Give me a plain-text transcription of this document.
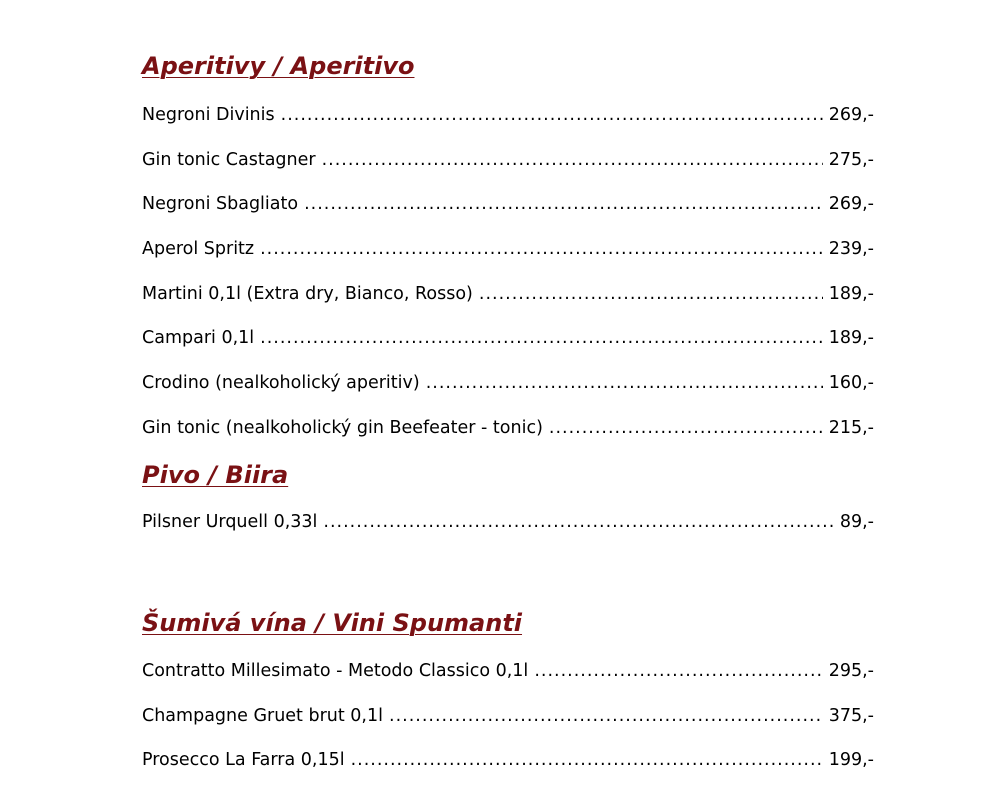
Aperitivy / Aperitivo
Negroni Divinis .....	269,-
Gin tonic Castagner .....	275,-
Negroni Sbagliato .....	269,-
Aperol Spritz .....	239,-
Martini 0,1l (Extra dry, Bianco, Rosso) .....	189,-
Campari 0,1l .....	189,-
Crodino (nealkoholický aperitiv) .....	160,-
Gin tonic (nealkoholický gin Beefeater - tonic) .....	215,-
Pivo / Biira
Pilsner Urquell 0,33l .....	89,-
Šumivá vína / Vini Spumanti
Contratto Millesimato - Metodo Classico 0,1l .....	295,-
Champagne Gruet brut 0,1l .....	375,-
Prosecco La Farra 0,15l .....	199,-
